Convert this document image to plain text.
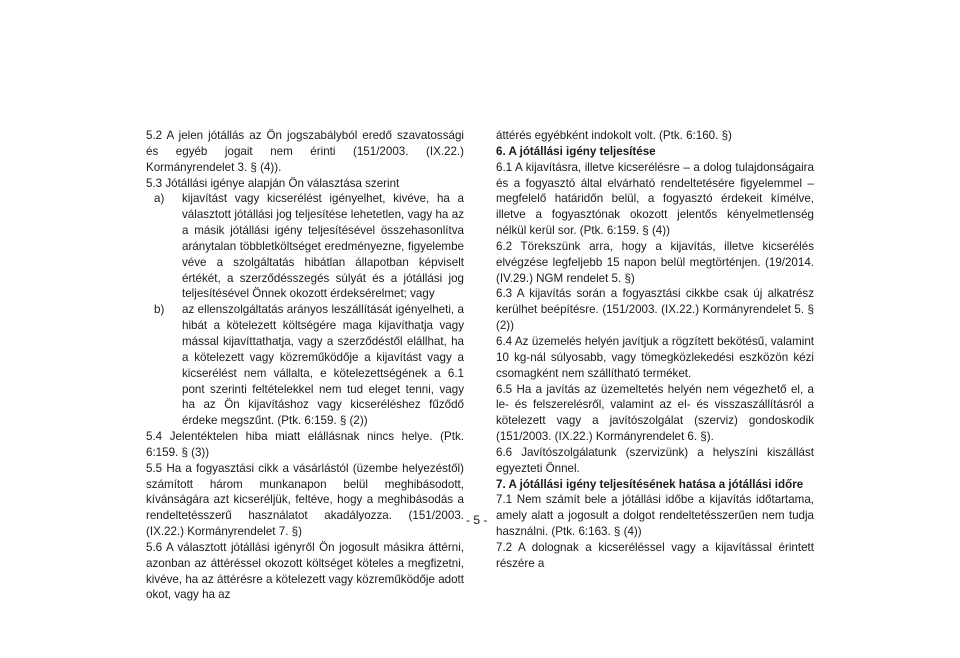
5.2 A jelen jótállás az Ön jogszabályból eredő szavatossági és egyéb jogait nem érinti (151/2003. (IX.22.) Kormányrendelet 3. § (4)).

5.3 Jótállási igénye alapján Ön választása szerint

a) kijavítást vagy kicserélést igényelhet, kivéve, ha a választott jótállási jog teljesítése lehetetlen, vagy ha az a másik jótállási igény teljesítésével összehasonlítva aránytalan többletköltséget eredményezne, figyelembe véve a szolgáltatás hibátlan állapotban képviselt értékét, a szerződésszegés súlyát és a jótállási jog teljesítésével Önnek okozott érdeksérelmet; vagy

b) az ellenszolgáltatás arányos leszállítását igényelheti, a hibát a kötelezett költségére maga kijavíthatja vagy mással kijavíttathatja, vagy a szerződéstől elállhat, ha a kötelezett vagy közreműködője a kijavítást vagy a kicserélést nem vállalta, e kötelezettségének a 6.1 pont szerinti feltételekkel nem tud eleget tenni, vagy ha az Ön kijavításhoz vagy kicseréléshez fűződő érdeke megszűnt. (Ptk. 6:159. § (2))

5.4 Jelentéktelen hiba miatt elállásnak nincs helye. (Ptk. 6:159. § (3))

5.5 Ha a fogyasztási cikk a vásárlástól (üzembe helyezéstől) számított három munkanapon belül meghibásodott, kívánságára azt kicseréljük, feltéve, hogy a meghibásodás a rendeltetésszerű használatot akadályozza. (151/2003. (IX.22.) Kormányrendelet 7. §)

5.6 A választott jótállási igényről Ön jogosult másikra áttérni, azonban az áttéréssel okozott költséget köteles a megfizetni, kivéve, ha az áttérésre a kötelezett vagy közreműködője adott okot, vagy ha az

- 5 -

áttérés egyébként indokolt volt. (Ptk. 6:160. §)

6. A jótállási igény teljesítése

6.1 A kijavításra, illetve kicserélésre – a dolog tulajdonságaira és a fogyasztó által elvárható rendeltetésére figyelemmel – megfelelő határidőn belül, a fogyasztó érdekeit kímélve, illetve a fogyasztónak okozott jelentős kényelmetlenség nélkül kerül sor. (Ptk. 6:159. § (4))

6.2 Törekszünk arra, hogy a kijavítás, illetve kicserélés elvégzése legfeljebb 15 napon belül megtörténjen. (19/2014. (IV.29.) NGM rendelet 5. §)

6.3 A kijavítás során a fogyasztási cikkbe csak új alkatrész kerülhet beépítésre. (151/2003. (IX.22.) Kormányrendelet 5. § (2))

6.4 Az üzemelés helyén javítjuk a rögzített bekötésű, valamint 10 kg-nál súlyosabb, vagy tömegközlekedési eszközön kézi csomagként nem szállítható terméket.

6.5 Ha a javítás az üzemeltetés helyén nem végezhető el, a le- és felszerelésről, valamint az el- és visszaszállításról a kötelezett vagy a javítószolgálat (szerviz) gondoskodik (151/2003. (IX.22.) Kormányrendelet 6. §).

6.6 Javítószolgálatunk (szervizünk) a helyszíni kiszállást egyezteti Önnel.

7. A jótállási igény teljesítésének hatása a jótállási időre

7.1 Nem számít bele a jótállási időbe a kijavítás időtartama, amely alatt a jogosult a dolgot rendeltetésszerűen nem tudja használni. (Ptk. 6:163. § (4))

7.2 A dolognak a kicseréléssel vagy a kijavítással érintett részére a
